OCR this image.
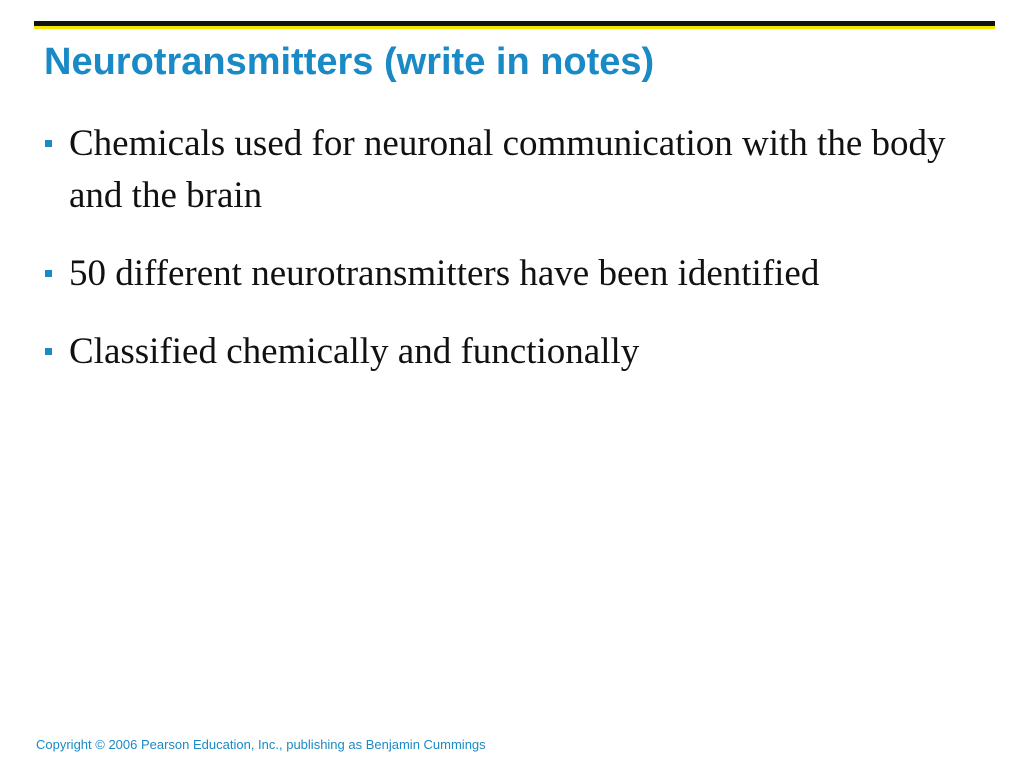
Neurotransmitters (write in notes)
Chemicals used for neuronal communication with the body and the brain
50 different neurotransmitters have been identified
Classified chemically and functionally
Copyright © 2006 Pearson Education, Inc., publishing as Benjamin Cummings
